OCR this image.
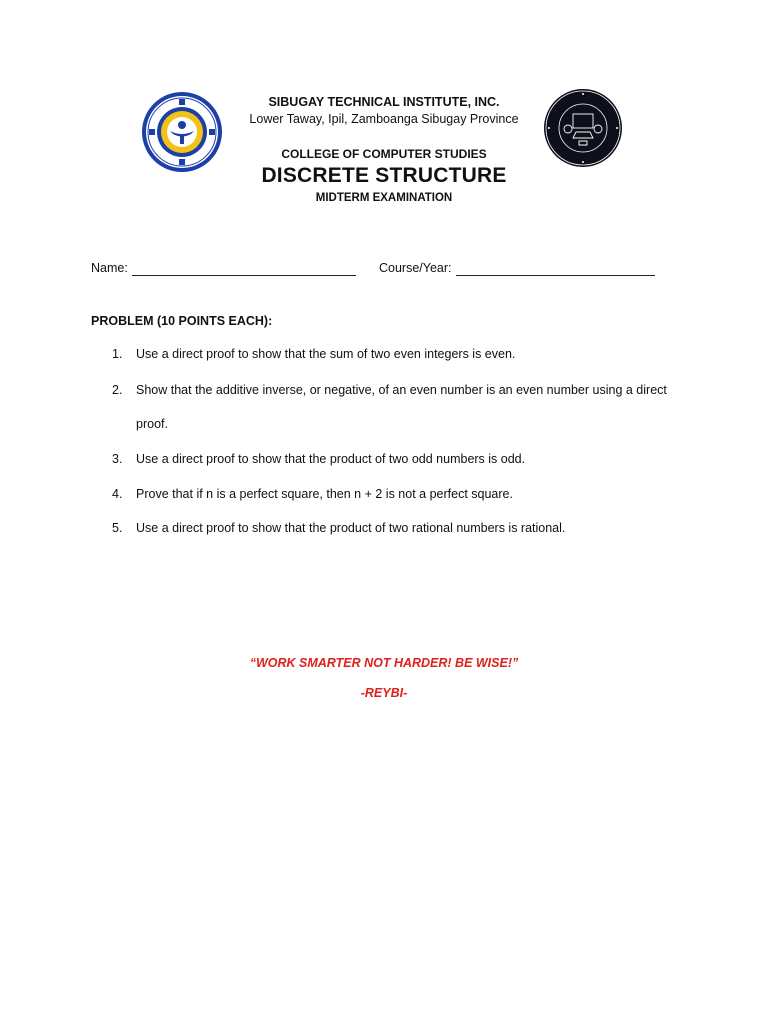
SIBUGAY TECHNICAL INSTITUTE, INC.
Lower Taway, Ipil, Zamboanga Sibugay Province
COLLEGE OF COMPUTER STUDIES
DISCRETE STRUCTURE
MIDTERM EXAMINATION
Name:	Course/Year:
PROBLEM (10 POINTS EACH):
1. Use a direct proof to show that the sum of two even integers is even.
2. Show that the additive inverse, or negative, of an even number is an even number using a direct
proof.
3. Use a direct proof to show that the product of two odd numbers is odd.
4. Prove that if n is a perfect square, then n + 2 is not a perfect square.
5. Use a direct proof to show that the product of two rational numbers is rational.
“WORK SMARTER NOT HARDER! BE WISE!”
-REYBI-
